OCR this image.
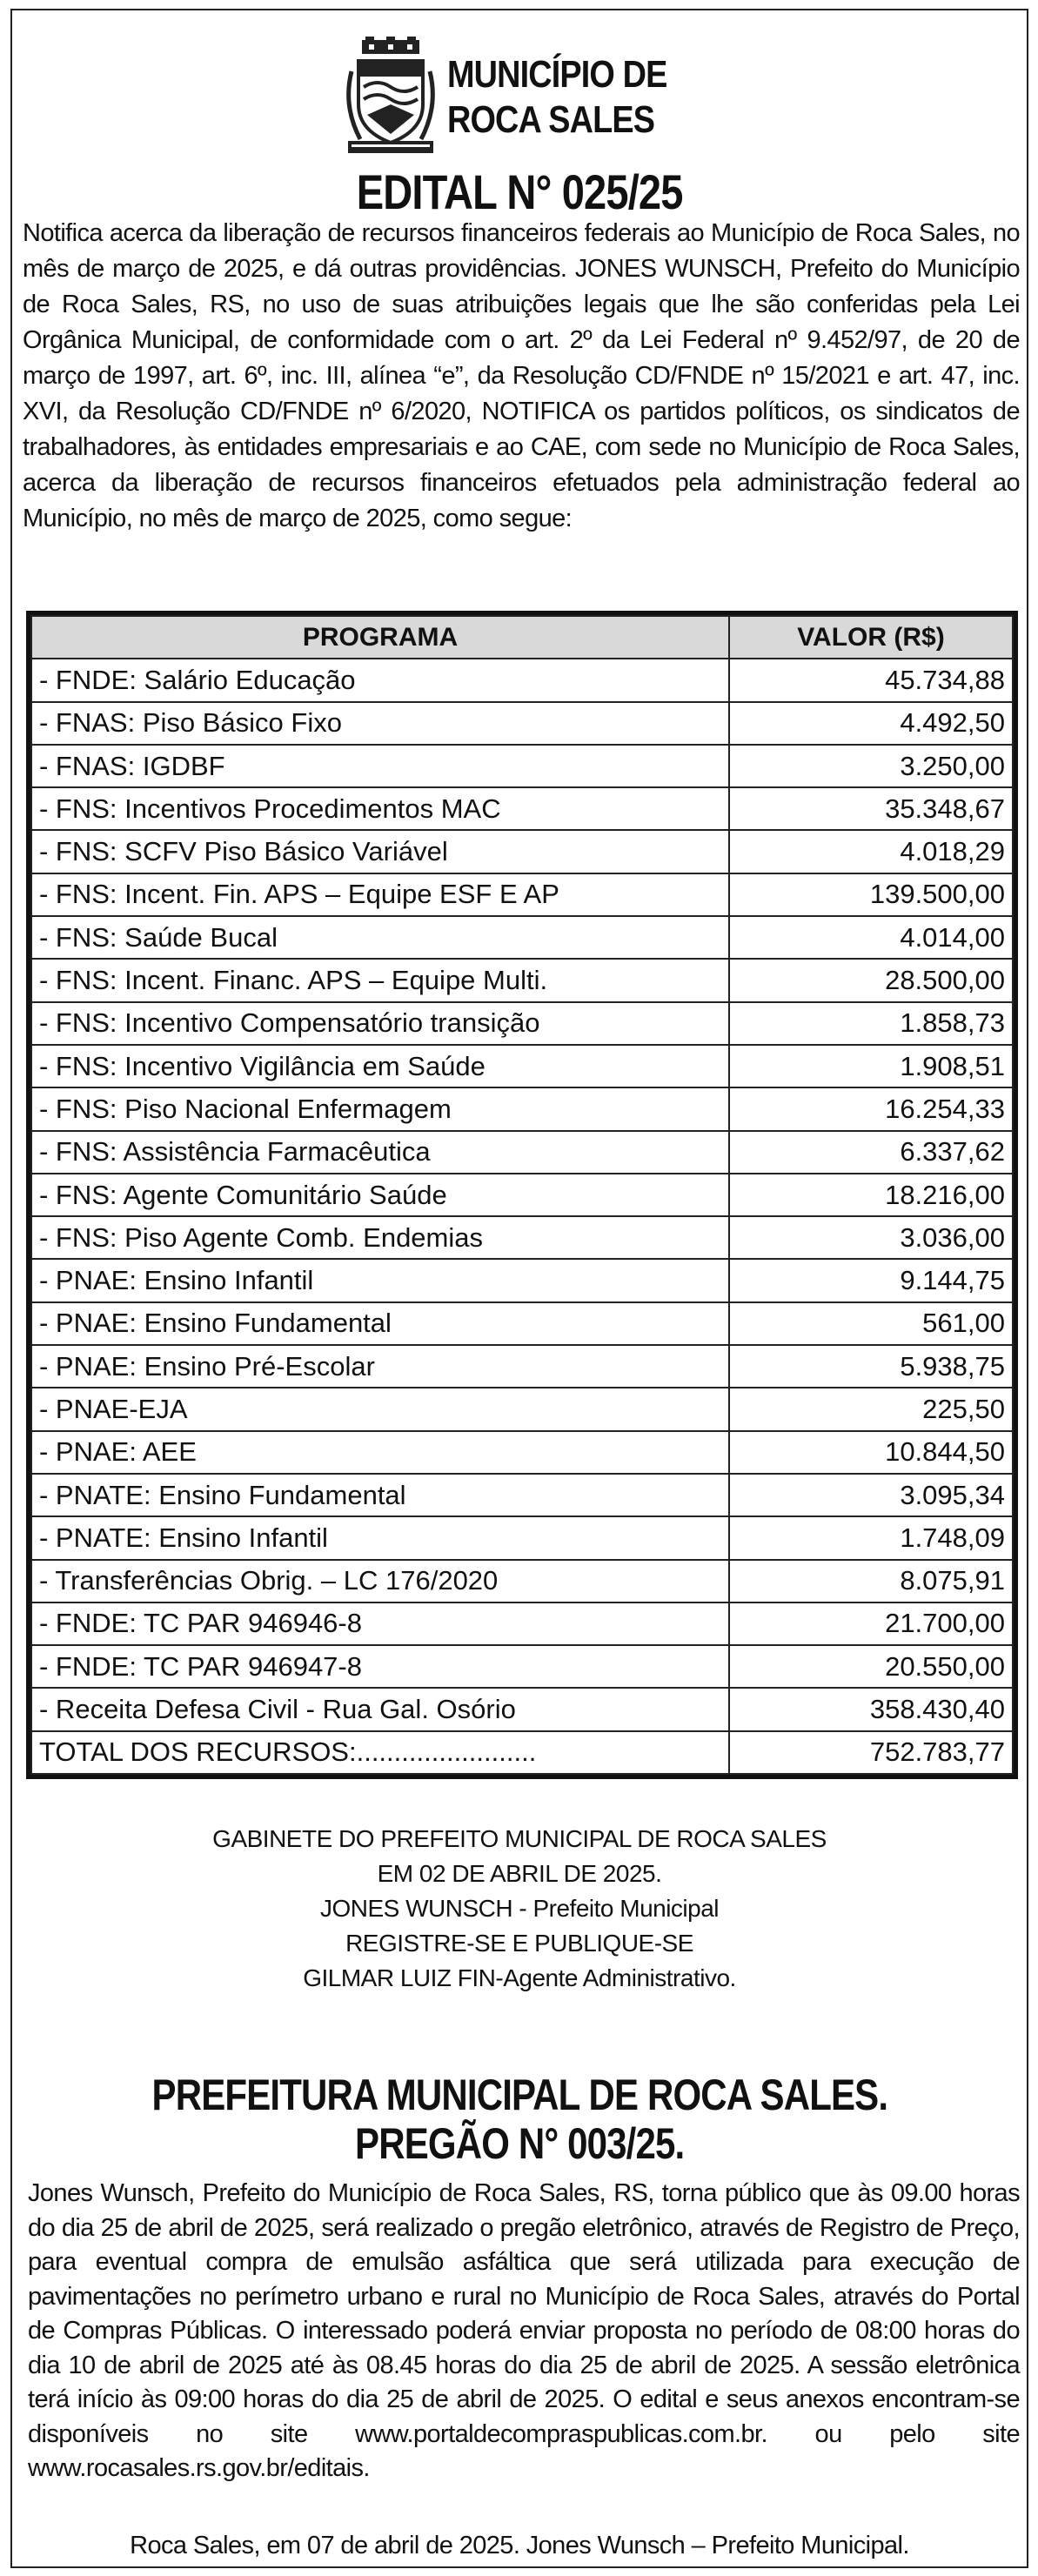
MUNICÍPIO DE
ROCA SALES
EDITAL N° 025/25
Notifica acerca da liberação de recursos financeiros federais ao Município de Roca Sales, no mês de março de 2025, e dá outras providências. JONES WUNSCH, Prefeito do Município de Roca Sales, RS, no uso de suas atribuições legais que lhe são conferidas pela Lei Orgânica Municipal, de conformidade com o art. 2º da Lei Federal nº 9.452/97, de 20 de março de 1997, art. 6º, inc. III, alínea “e”, da Resolução CD/FNDE nº 15/2021 e art. 47, inc. XVI, da Resolução CD/FNDE nº 6/2020, NOTIFICA os partidos políticos, os sindicatos de trabalhadores, às entidades empresariais e ao CAE, com sede no Município de Roca Sales, acerca da liberação de recursos financeiros efetuados pela administração federal ao Município, no mês de março de 2025, como segue:
PROGRAMA	VALOR (R$)
- FNDE: Salário Educação	45.734,88
- FNAS: Piso Básico Fixo	4.492,50
- FNAS: IGDBF	3.250,00
- FNS: Incentivos Procedimentos MAC	35.348,67
- FNS: SCFV Piso Básico Variável	4.018,29
- FNS: Incent. Fin. APS – Equipe ESF E AP	139.500,00
- FNS: Saúde Bucal	4.014,00
- FNS: Incent. Financ. APS – Equipe Multi.	28.500,00
- FNS: Incentivo Compensatório transição	1.858,73
- FNS: Incentivo Vigilância em Saúde	1.908,51
- FNS: Piso Nacional Enfermagem	16.254,33
- FNS: Assistência Farmacêutica	6.337,62
- FNS: Agente Comunitário Saúde	18.216,00
- FNS: Piso Agente Comb. Endemias	3.036,00
- PNAE: Ensino Infantil	9.144,75
- PNAE: Ensino Fundamental	561,00
- PNAE: Ensino Pré-Escolar	5.938,75
- PNAE-EJA	225,50
- PNAE: AEE	10.844,50
- PNATE: Ensino Fundamental	3.095,34
- PNATE: Ensino Infantil	1.748,09
- Transferências Obrig. – LC 176/2020	8.075,91
- FNDE: TC PAR 946946-8	21.700,00
- FNDE: TC PAR 946947-8	20.550,00
- Receita Defesa Civil - Rua Gal. Osório	358.430,40
TOTAL DOS RECURSOS:........................	752.783,77
GABINETE DO PREFEITO MUNICIPAL DE ROCA SALES
EM 02 DE ABRIL DE 2025.
JONES WUNSCH - Prefeito Municipal
REGISTRE-SE E PUBLIQUE-SE
GILMAR LUIZ FIN-Agente Administrativo.
PREFEITURA MUNICIPAL DE ROCA SALES.
PREGÃO N° 003/25.
Jones Wunsch, Prefeito do Município de Roca Sales, RS, torna público que às 09.00 horas do dia 25 de abril de 2025, será realizado o pregão eletrônico, através de Registro de Preço, para eventual compra de emulsão asfáltica que será utilizada para execução de pavimentações no perímetro urbano e rural no Município de Roca Sales, através do Portal de Compras Públicas. O interessado poderá enviar proposta no período de 08:00 horas do dia 10 de abril de 2025 até às 08.45 horas do dia 25 de abril de 2025. A sessão eletrônica terá início às 09:00 horas do dia 25 de abril de 2025. O edital e seus anexos encontram-se disponíveis no site www.portaldecompraspublicas.com.br. ou pelo site www.rocasales.rs.gov.br/editais.
Roca Sales, em 07 de abril de 2025. Jones Wunsch – Prefeito Municipal.
